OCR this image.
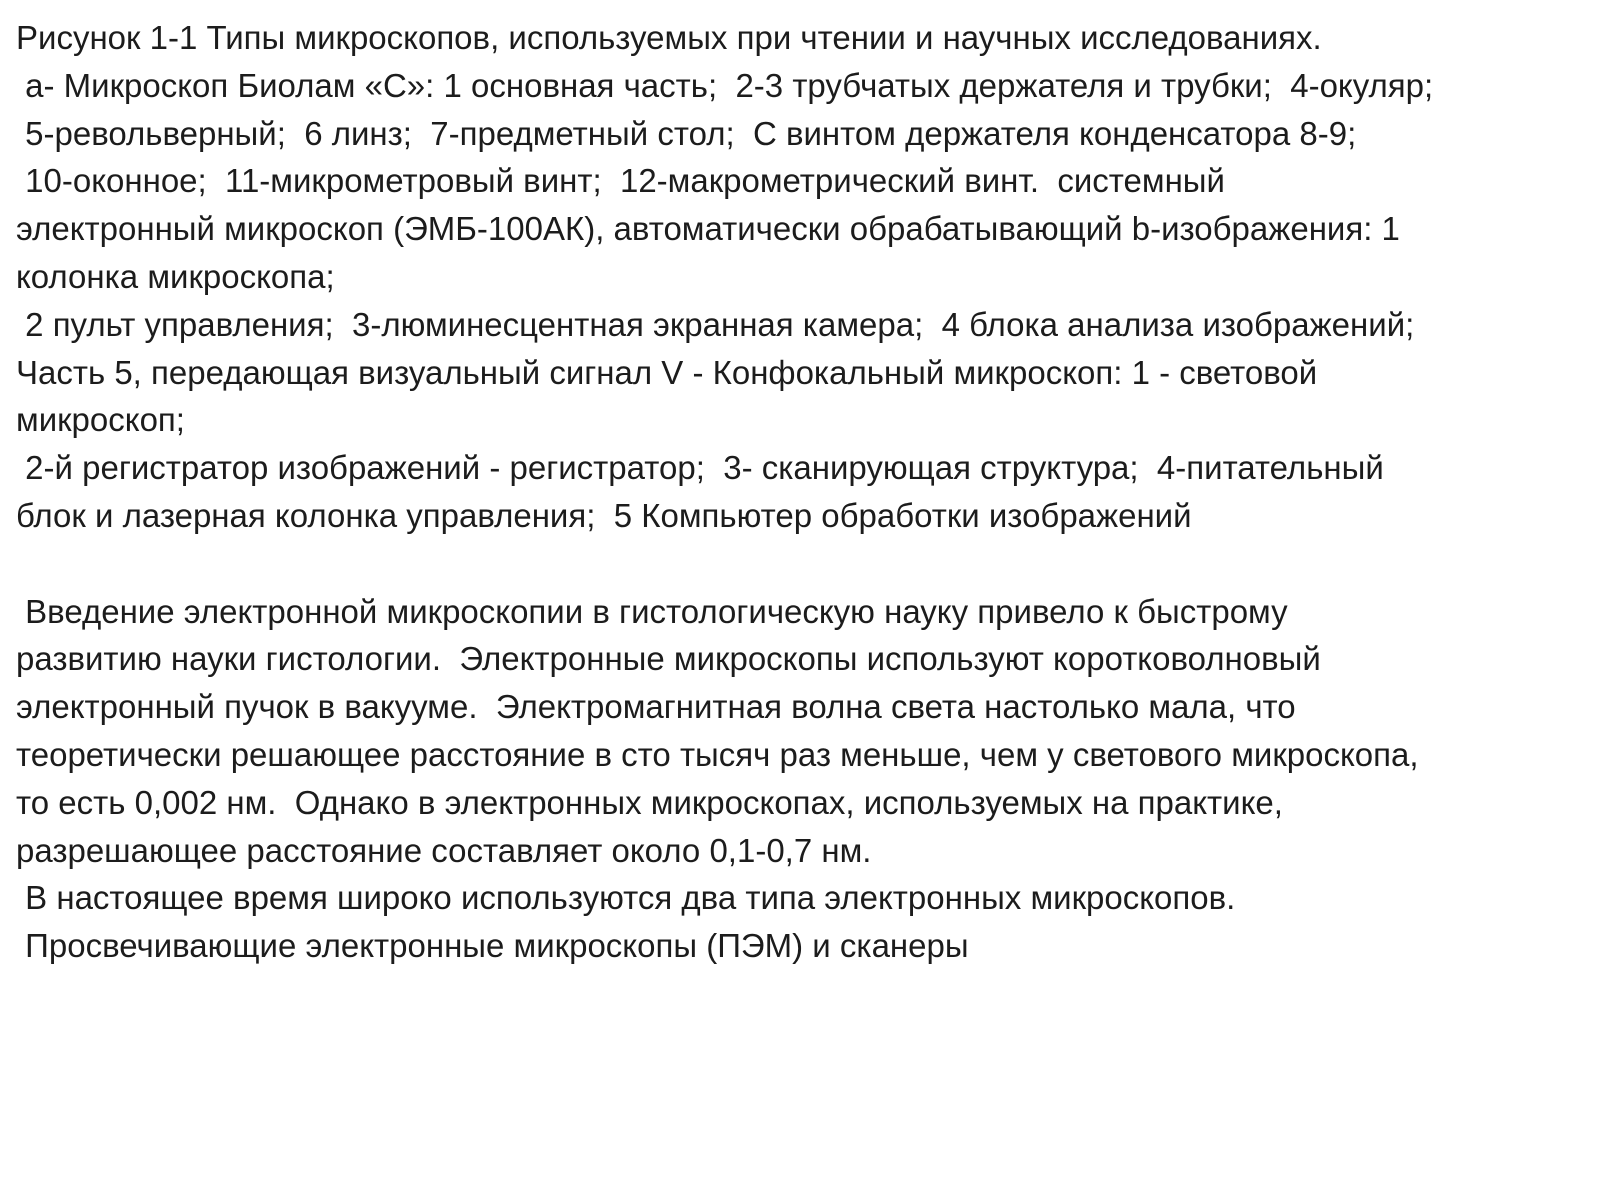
Рисунок 1-1 Типы микроскопов, используемых при чтении и научных исследованиях.
а- Микроскоп Биолам «С»: 1 основная часть;  2-3 трубчатых держателя и трубки;  4-окуляр;
5-револьверный;  6 линз;  7-предметный стол;  С винтом держателя конденсатора 8-9;
10-оконное;  11-микрометровый винт;  12-макрометрический винт.  системный
электронный микроскоп (ЭМБ-100АК), автоматически обрабатывающий b-изображения: 1
колонка микроскопа;
2 пульт управления;  3-люминесцентная экранная камера;  4 блока анализа изображений;
Часть 5, передающая визуальный сигнал V - Конфокальный микроскоп: 1 - световой
микроскоп;
2-й регистратор изображений - регистратор;  3- сканирующая структура;  4-питательный
блок и лазерная колонка управления;  5 Компьютер обработки изображений
Введение электронной микроскопии в гистологическую науку привело к быстрому
развитию науки гистологии.  Электронные микроскопы используют коротковолновый
электронный пучок в вакууме.  Электромагнитная волна света настолько мала, что
теоретически решающее расстояние в сто тысяч раз меньше, чем у светового микроскопа,
то есть 0,002 нм.  Однако в электронных микроскопах, используемых на практике,
разрешающее расстояние составляет около 0,1-0,7 нм.
В настоящее время широко используются два типа электронных микроскопов.
Просвечивающие электронные микроскопы (ПЭМ) и сканеры
